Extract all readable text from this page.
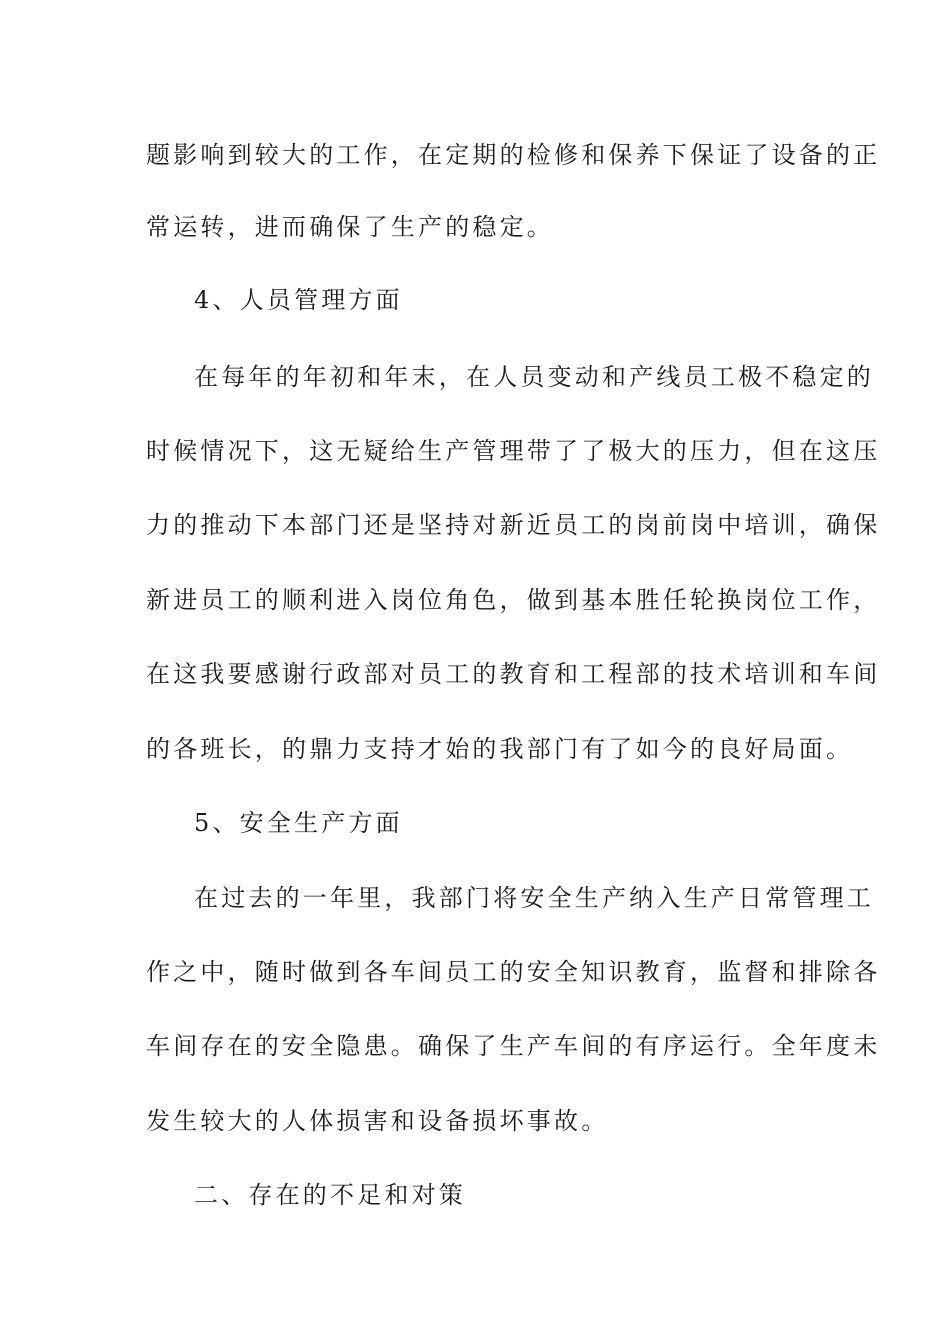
题影响到较大的工作，在定期的检修和保养下保证了设备的正
常运转，进而确保了生产的稳定。
4、人员管理方面
在每年的年初和年末，在人员变动和产线员工极不稳定的
时候情况下，这无疑给生产管理带了了极大的压力，但在这压
力的推动下本部门还是坚持对新近员工的岗前岗中培训，确保
新进员工的顺利进入岗位角色，做到基本胜任轮换岗位工作，
在这我要感谢行政部对员工的教育和工程部的技术培训和车间
的各班长，的鼎力支持才始的我部门有了如今的良好局面。
5、安全生产方面
在过去的一年里，我部门将安全生产纳入生产日常管理工
作之中，随时做到各车间员工的安全知识教育，监督和排除各
车间存在的安全隐患。确保了生产车间的有序运行。全年度未
发生较大的人体损害和设备损坏事故。
二、存在的不足和对策
